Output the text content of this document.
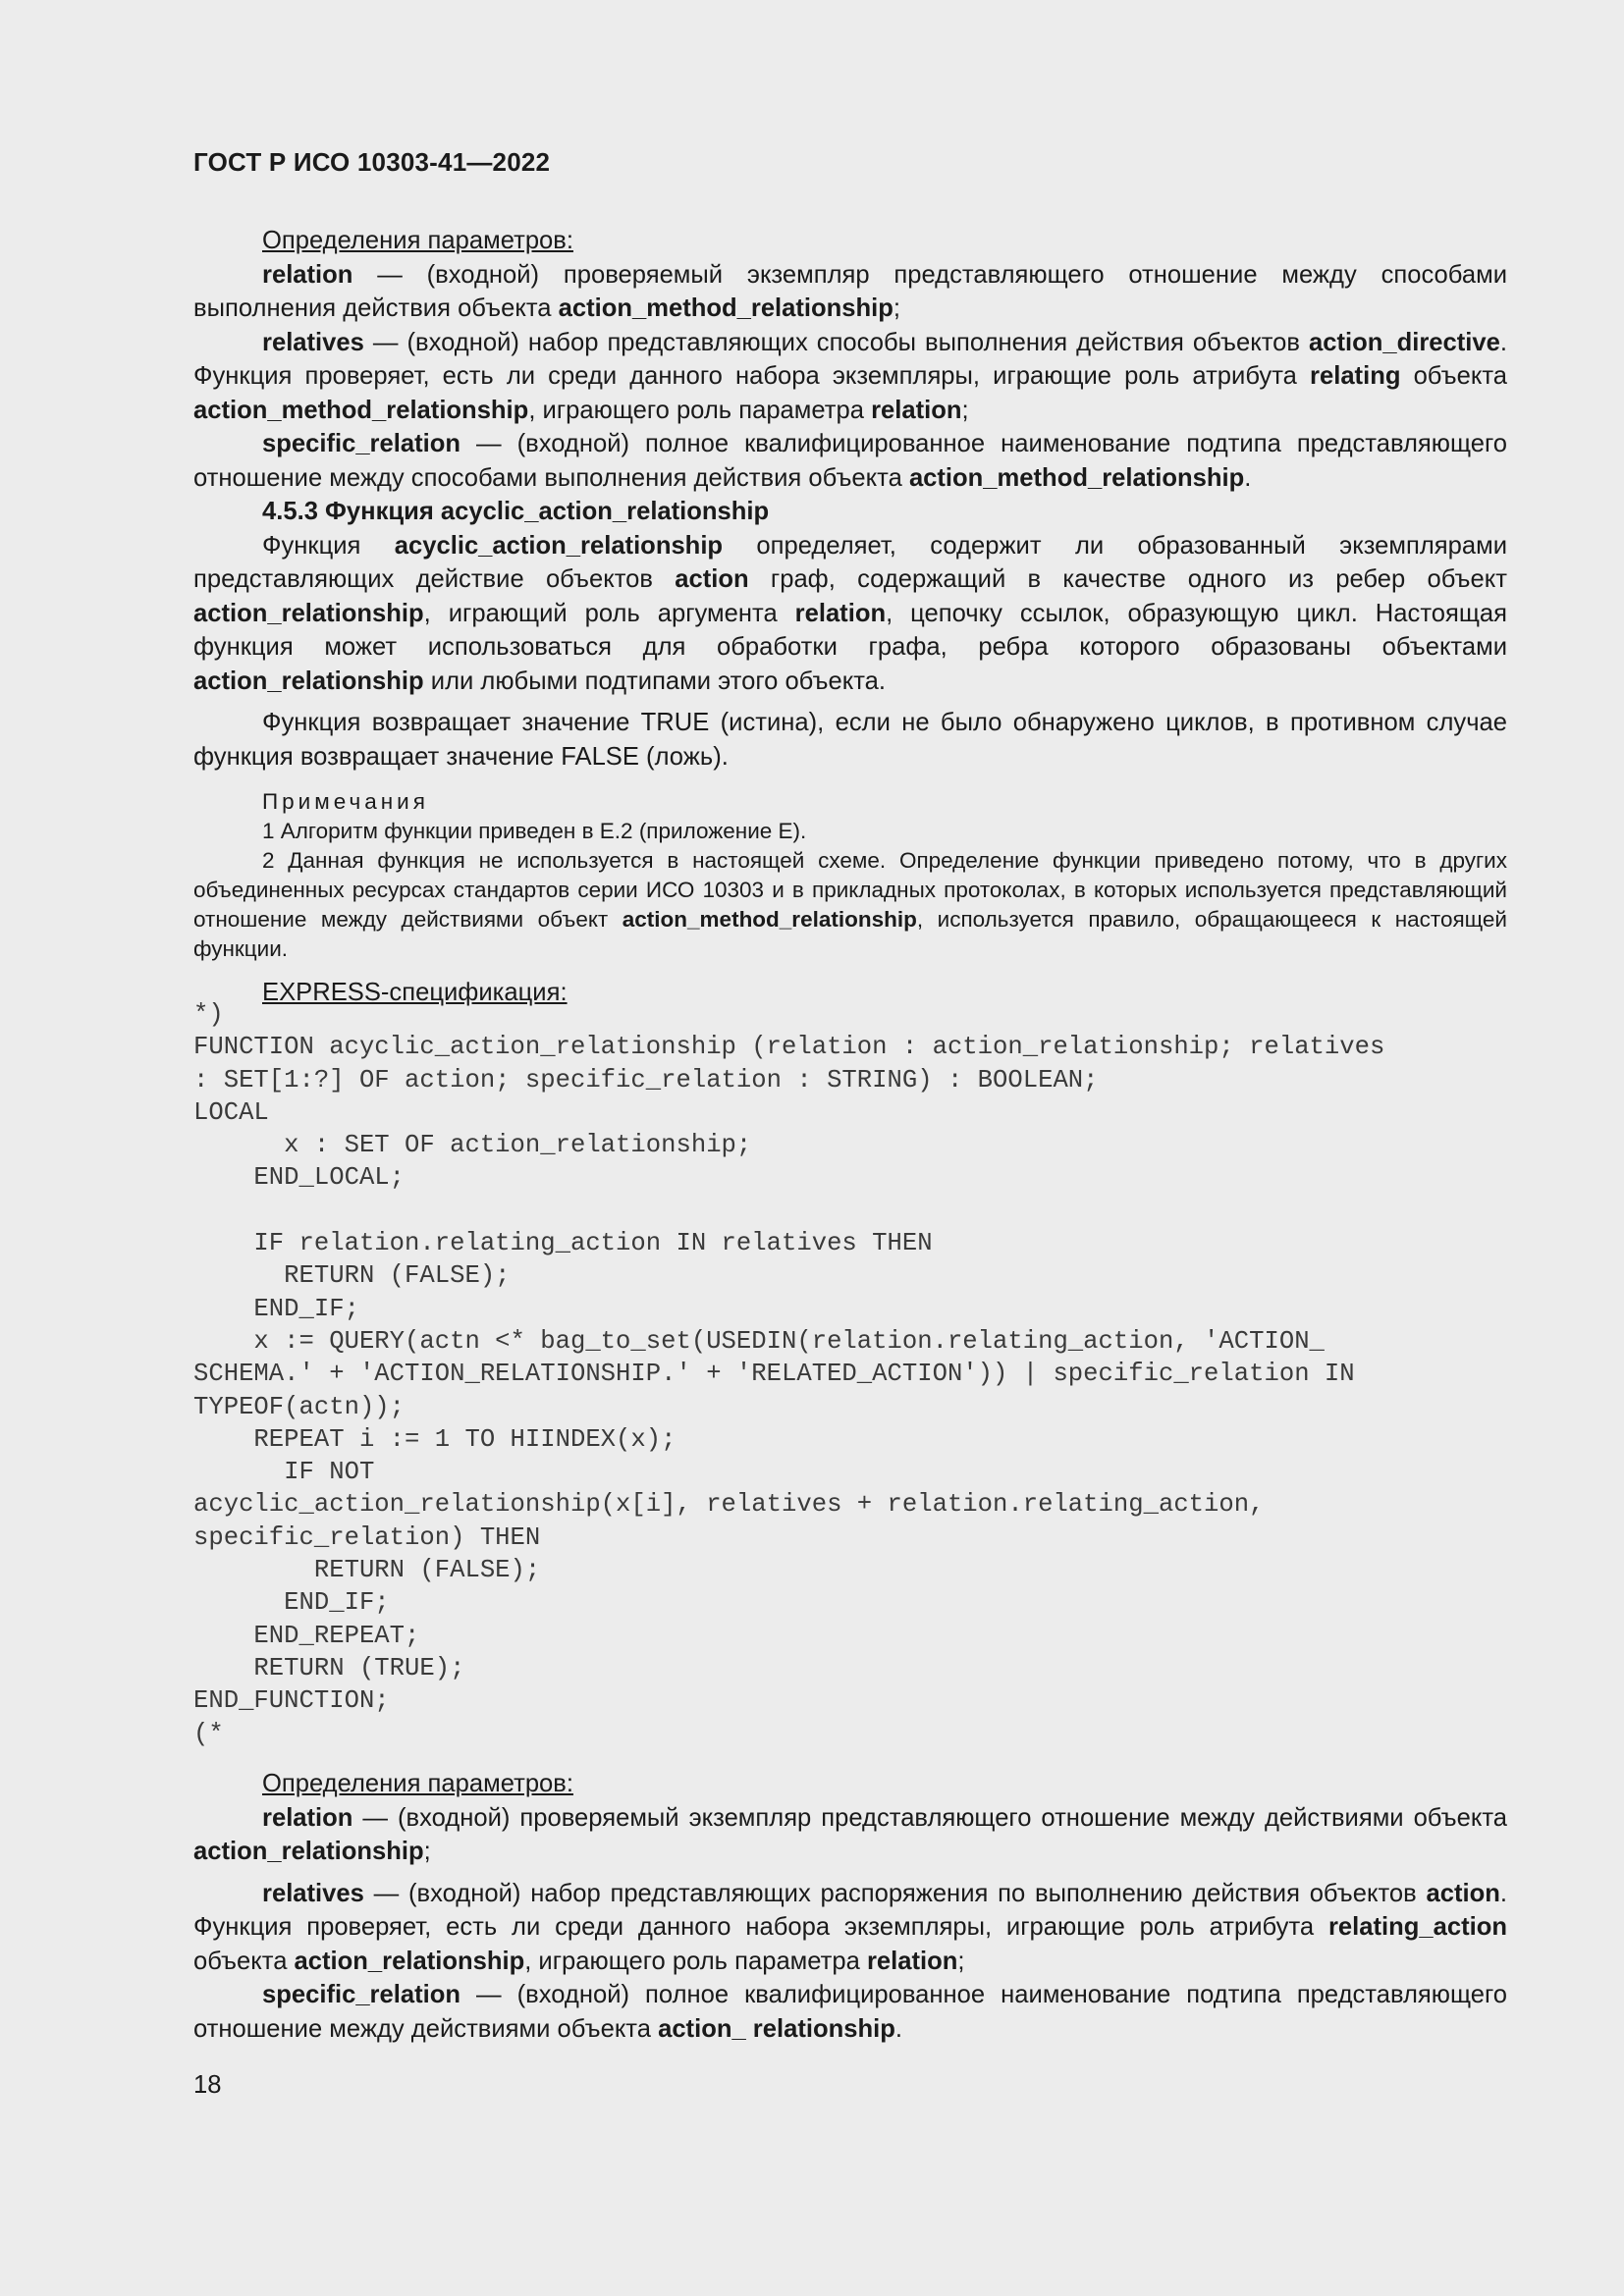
ГОСТ Р ИСО 10303-41—2022

Определения параметров:

relation — (входной) проверяемый экземпляр представляющего отношение между способами выполнения действия объекта action_method_relationship;

relatives — (входной) набор представляющих способы выполнения действия объектов action_directive. Функция проверяет, есть ли среди данного набора экземпляры, играющие роль атрибута relating объекта action_method_relationship, играющего роль параметра relation;

specific_relation — (входной) полное квалифицированное наименование подтипа представляющего отношение между способами выполнения действия объекта action_method_relationship.

4.5.3 Функция acyclic_action_relationship

Функция acyclic_action_relationship определяет, содержит ли образованный экземплярами представляющих действие объектов action граф, содержащий в качестве одного из ребер объект action_relationship, играющий роль аргумента relation, цепочку ссылок, образующую цикл. Настоящая функция может использоваться для обработки графа, ребра которого образованы объектами action_relationship или любыми подтипами этого объекта.

Функция возвращает значение TRUE (истина), если не было обнаружено циклов, в противном случае функция возвращает значение FALSE (ложь).

Примечания

1 Алгоритм функции приведен в Е.2 (приложение Е).

2 Данная функция не используется в настоящей схеме. Определение функции приведено потому, что в других объединенных ресурсах стандартов серии ИСО 10303 и в прикладных протоколах, в которых используется представляющий отношение между действиями объект action_method_relationship, используется правило, обращающееся к настоящей функции.

EXPRESS-спецификация:

*)
FUNCTION acyclic_action_relationship (relation : action_relationship; relatives
: SET[1:?] OF action; specific_relation : STRING) : BOOLEAN;
LOCAL
x : SET OF action_relationship;
END_LOCAL;
IF relation.relating_action IN relatives THEN
RETURN (FALSE);
END_IF;
x := QUERY(actn <* bag_to_set(USEDIN(relation.relating_action, 'ACTION_
SCHEMA.' + 'ACTION_RELATIONSHIP.' + 'RELATED_ACTION')) | specific_relation IN
TYPEOF(actn));
REPEAT i := 1 TO HIINDEX(x);
IF NOT
acyclic_action_relationship(x[i], relatives + relation.relating_action,
specific_relation) THEN
RETURN (FALSE);
END_IF;
END_REPEAT;
RETURN (TRUE);
END_FUNCTION;
(*

Определения параметров:

relation — (входной) проверяемый экземпляр представляющего отношение между действиями объекта action_relationship;

relatives — (входной) набор представляющих распоряжения по выполнению действия объектов action. Функция проверяет, есть ли среди данного набора экземпляры, играющие роль атрибута relating_action объекта action_relationship, играющего роль параметра relation;

specific_relation — (входной) полное квалифицированное наименование подтипа представляющего отношение между действиями объекта action_ relationship.

18
